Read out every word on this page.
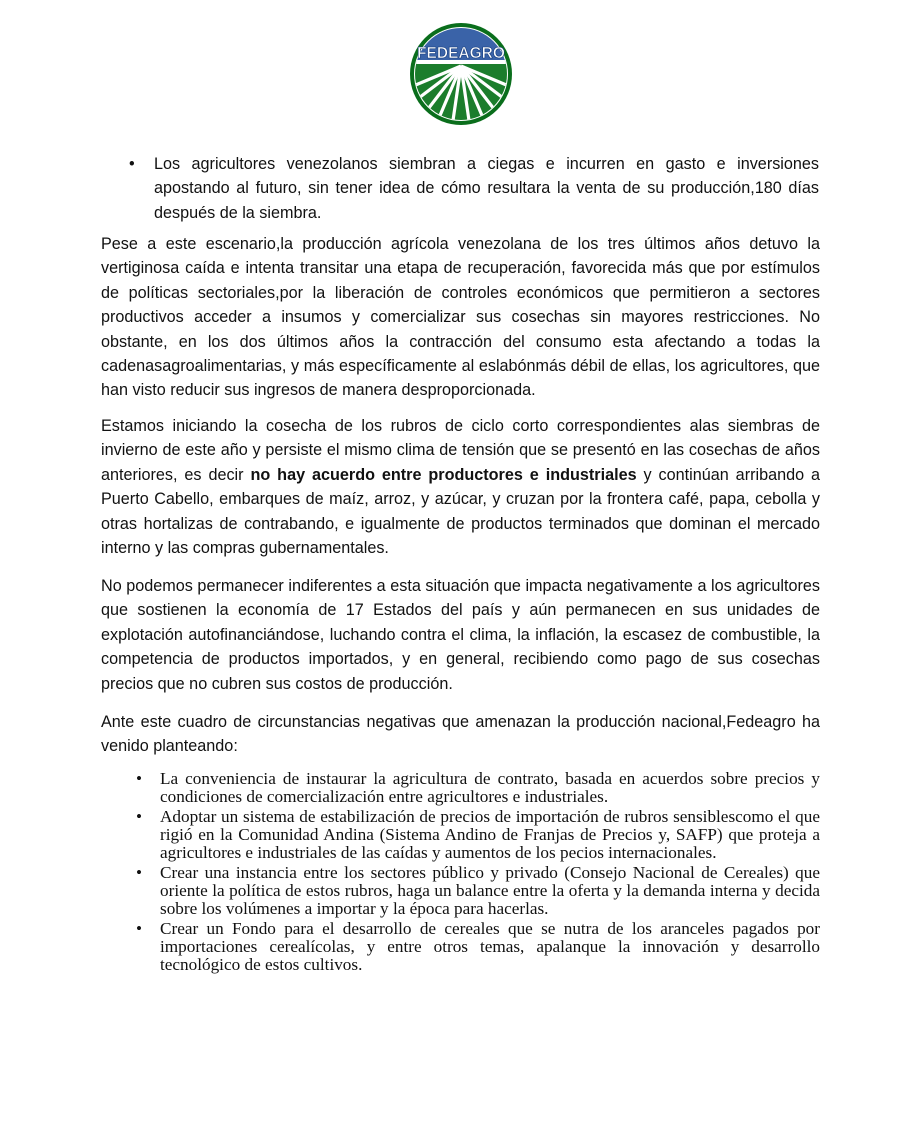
FEDEAGRO
• Los agricultores venezolanos siembran a ciegas e incurren en gasto e inversiones apostando al futuro, sin tener idea de cómo resultara la venta de su producción,180 días después de la siembra.

Pese a este escenario,la producción agrícola venezolana de los tres últimos años detuvo la vertiginosa caída e intenta transitar una etapa de recuperación, favorecida más que por estímulos de políticas sectoriales,por la liberación de controles económicos que permitieron a sectores productivos acceder a insumos y comercializar sus cosechas sin mayores restricciones. No obstante, en los dos últimos años la contracción del consumo esta afectando a todas la cadenasagroalimentarias, y más específicamente al eslabónmás débil de ellas, los agricultores, que han visto reducir sus ingresos de manera desproporcionada.

Estamos iniciando la cosecha de los rubros de ciclo corto correspondientes alas siembras de invierno de este año y persiste el mismo clima de tensión que se presentó en las cosechas de años anteriores, es decir no hay acuerdo entre productores e industriales y continúan arribando a Puerto Cabello, embarques de maíz, arroz, y azúcar, y cruzan por la frontera café, papa, cebolla y otras hortalizas de contrabando, e igualmente de productos terminados que dominan el mercado interno y las compras gubernamentales.

No podemos permanecer indiferentes a esta situación que impacta negativamente a los agricultores que sostienen la economía de 17 Estados del país y aún permanecen en sus unidades de explotación autofinanciándose, luchando contra el clima, la inflación, la escasez de combustible, la competencia de productos importados, y en general, recibiendo como pago de sus cosechas precios que no cubren sus costos de producción.

Ante este cuadro de circunstancias negativas que amenazan la producción nacional,Fedeagro ha venido planteando:

• La conveniencia de instaurar la agricultura de contrato, basada en acuerdos sobre precios y condiciones de comercialización entre agricultores e industriales.
• Adoptar un sistema de estabilización de precios de importación de rubros sensiblescomo el que rigió en la Comunidad Andina (Sistema Andino de Franjas de Precios y, SAFP) que proteja a agricultores e industriales de las caídas y aumentos de los pecios internacionales.
• Crear una instancia entre los sectores público y privado (Consejo Nacional de Cereales) que oriente la política de estos rubros, haga un balance entre la oferta y la demanda interna y decida sobre los volúmenes a importar y la época para hacerlas.
• Crear un Fondo para el desarrollo de cereales que se nutra de los aranceles pagados por importaciones cerealícolas, y entre otros temas, apalanque la innovación y desarrollo tecnológico de estos cultivos.
